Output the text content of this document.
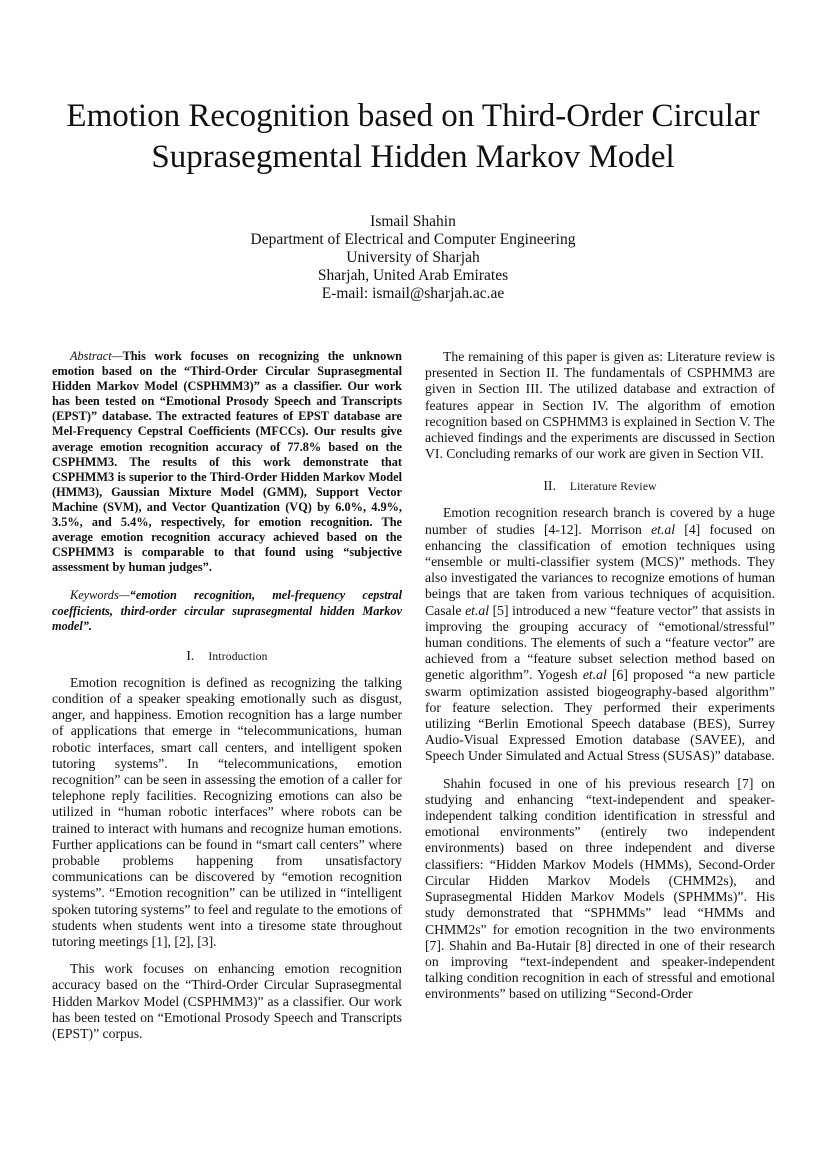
Emotion Recognition based on Third-Order Circular
Suprasegmental Hidden Markov Model
Ismail Shahin
Department of Electrical and Computer Engineering
University of Sharjah
Sharjah, United Arab Emirates
E-mail: ismail@sharjah.ac.ae

Abstract—This work focuses on recognizing the unknown emotion based on the “Third-Order Circular Suprasegmental Hidden Markov Model (CSPHMM3)” as a classifier. Our work has been tested on “Emotional Prosody Speech and Transcripts (EPST)” database. The extracted features of EPST database are Mel-Frequency Cepstral Coefficients (MFCCs). Our results give average emotion recognition accuracy of 77.8% based on the CSPHMM3. The results of this work demonstrate that CSPHMM3 is superior to the Third-Order Hidden Markov Model (HMM3), Gaussian Mixture Model (GMM), Support Vector Machine (SVM), and Vector Quantization (VQ) by 6.0%, 4.9%, 3.5%, and 5.4%, respectively, for emotion recognition. The average emotion recognition accuracy achieved based on the CSPHMM3 is comparable to that found using “subjective assessment by human judges”.

Keywords—“emotion recognition, mel-frequency cepstral coefficients, third-order circular suprasegmental hidden Markov model”.

I. Introduction

Emotion recognition is defined as recognizing the talking condition of a speaker speaking emotionally such as disgust, anger, and happiness. Emotion recognition has a large number of applications that emerge in “telecommunications, human robotic interfaces, smart call centers, and intelligent spoken tutoring systems”. In “telecommunications, emotion recognition” can be seen in assessing the emotion of a caller for telephone reply facilities. Recognizing emotions can also be utilized in “human robotic interfaces” where robots can be trained to interact with humans and recognize human emotions. Further applications can be found in “smart call centers” where probable problems happening from unsatisfactory communications can be discovered by “emotion recognition systems”. “Emotion recognition” can be utilized in “intelligent spoken tutoring systems” to feel and regulate to the emotions of students when students went into a tiresome state throughout tutoring meetings [1], [2], [3].

This work focuses on enhancing emotion recognition accuracy based on the “Third-Order Circular Suprasegmental Hidden Markov Model (CSPHMM3)” as a classifier. Our work has been tested on “Emotional Prosody Speech and Transcripts (EPST)” corpus.

The remaining of this paper is given as: Literature review is presented in Section II. The fundamentals of CSPHMM3 are given in Section III. The utilized database and extraction of features appear in Section IV. The algorithm of emotion recognition based on CSPHMM3 is explained in Section V. The achieved findings and the experiments are discussed in Section VI. Concluding remarks of our work are given in Section VII.

II. Literature Review

Emotion recognition research branch is covered by a huge number of studies [4-12]. Morrison et.al [4] focused on enhancing the classification of emotion techniques using “ensemble or multi-classifier system (MCS)” methods. They also investigated the variances to recognize emotions of human beings that are taken from various techniques of acquisition. Casale et.al [5] introduced a new “feature vector” that assists in improving the grouping accuracy of “emotional/stressful” human conditions. The elements of such a “feature vector” are achieved from a “feature subset selection method based on genetic algorithm”. Yogesh et.al [6] proposed “a new particle swarm optimization assisted biogeography-based algorithm” for feature selection. They performed their experiments utilizing “Berlin Emotional Speech database (BES), Surrey Audio-Visual Expressed Emotion database (SAVEE), and Speech Under Simulated and Actual Stress (SUSAS)” database.

Shahin focused in one of his previous research [7] on studying and enhancing “text-independent and speaker-independent talking condition identification in stressful and emotional environments” (entirely two independent environments) based on three independent and diverse classifiers: “Hidden Markov Models (HMMs), Second-Order Circular Hidden Markov Models (CHMM2s), and Suprasegmental Hidden Markov Models (SPHMMs)”. His study demonstrated that “SPHMMs” lead “HMMs and CHMM2s” for emotion recognition in the two environments [7]. Shahin and Ba-Hutair [8] directed in one of their research on improving “text-independent and speaker-independent talking condition recognition in each of stressful and emotional environments” based on utilizing “Second-Order
